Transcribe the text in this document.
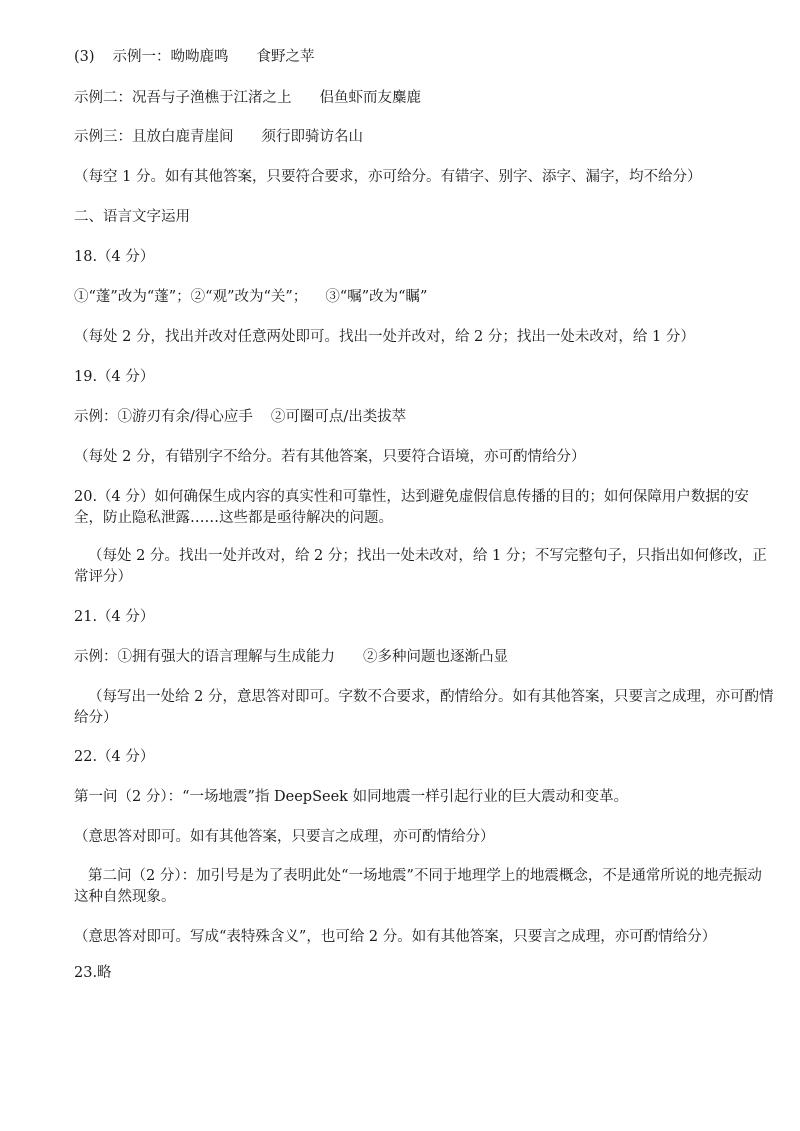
(3) 示例一：呦呦鹿鸣 食野之苹
示例二：况吾与子渔樵于江渚之上 侣鱼虾而友麋鹿
示例三：且放白鹿青崖间 须行即骑访名山
（每空 1 分。如有其他答案，只要符合要求，亦可给分。有错字、别字、添字、漏字，均不给分）
二、语言文字运用
18.（4 分）
①“蓬”改为“蓬”；②“观”改为“关”； ③“嘱”改为“瞩”
（每处 2 分，找出并改对任意两处即可。找出一处并改对，给 2 分；找出一处未改对，给 1 分）
19.（4 分）
示例：①游刃有余/得心应手 ②可圈可点/出类拔萃
（每处 2 分，有错别字不给分。若有其他答案，只要符合语境，亦可酌情给分）
20.（4 分）如何确保生成内容的真实性和可靠性，达到避免虚假信息传播的目的；如何保障用户数据的安全，防止隐私泄露……这些都是亟待解决的问题。
（每处 2 分。找出一处并改对，给 2 分；找出一处未改对，给 1 分；不写完整句子，只指出如何修改，正常评分）
21.（4 分）
示例：①拥有强大的语言理解与生成能力 ②多种问题也逐渐凸显
（每写出一处给 2 分，意思答对即可。字数不合要求，酌情给分。如有其他答案，只要言之成理，亦可酌情给分）
22.（4 分）
第一问（2 分）：“一场地震”指 DeepSeek 如同地震一样引起行业的巨大震动和变革。
（意思答对即可。如有其他答案，只要言之成理，亦可酌情给分）
第二问（2 分）：加引号是为了表明此处“一场地震”不同于地理学上的地震概念，不是通常所说的地壳振动这种自然现象。
（意思答对即可。写成“表特殊含义”，也可给 2 分。如有其他答案，只要言之成理，亦可酌情给分）
23.略
